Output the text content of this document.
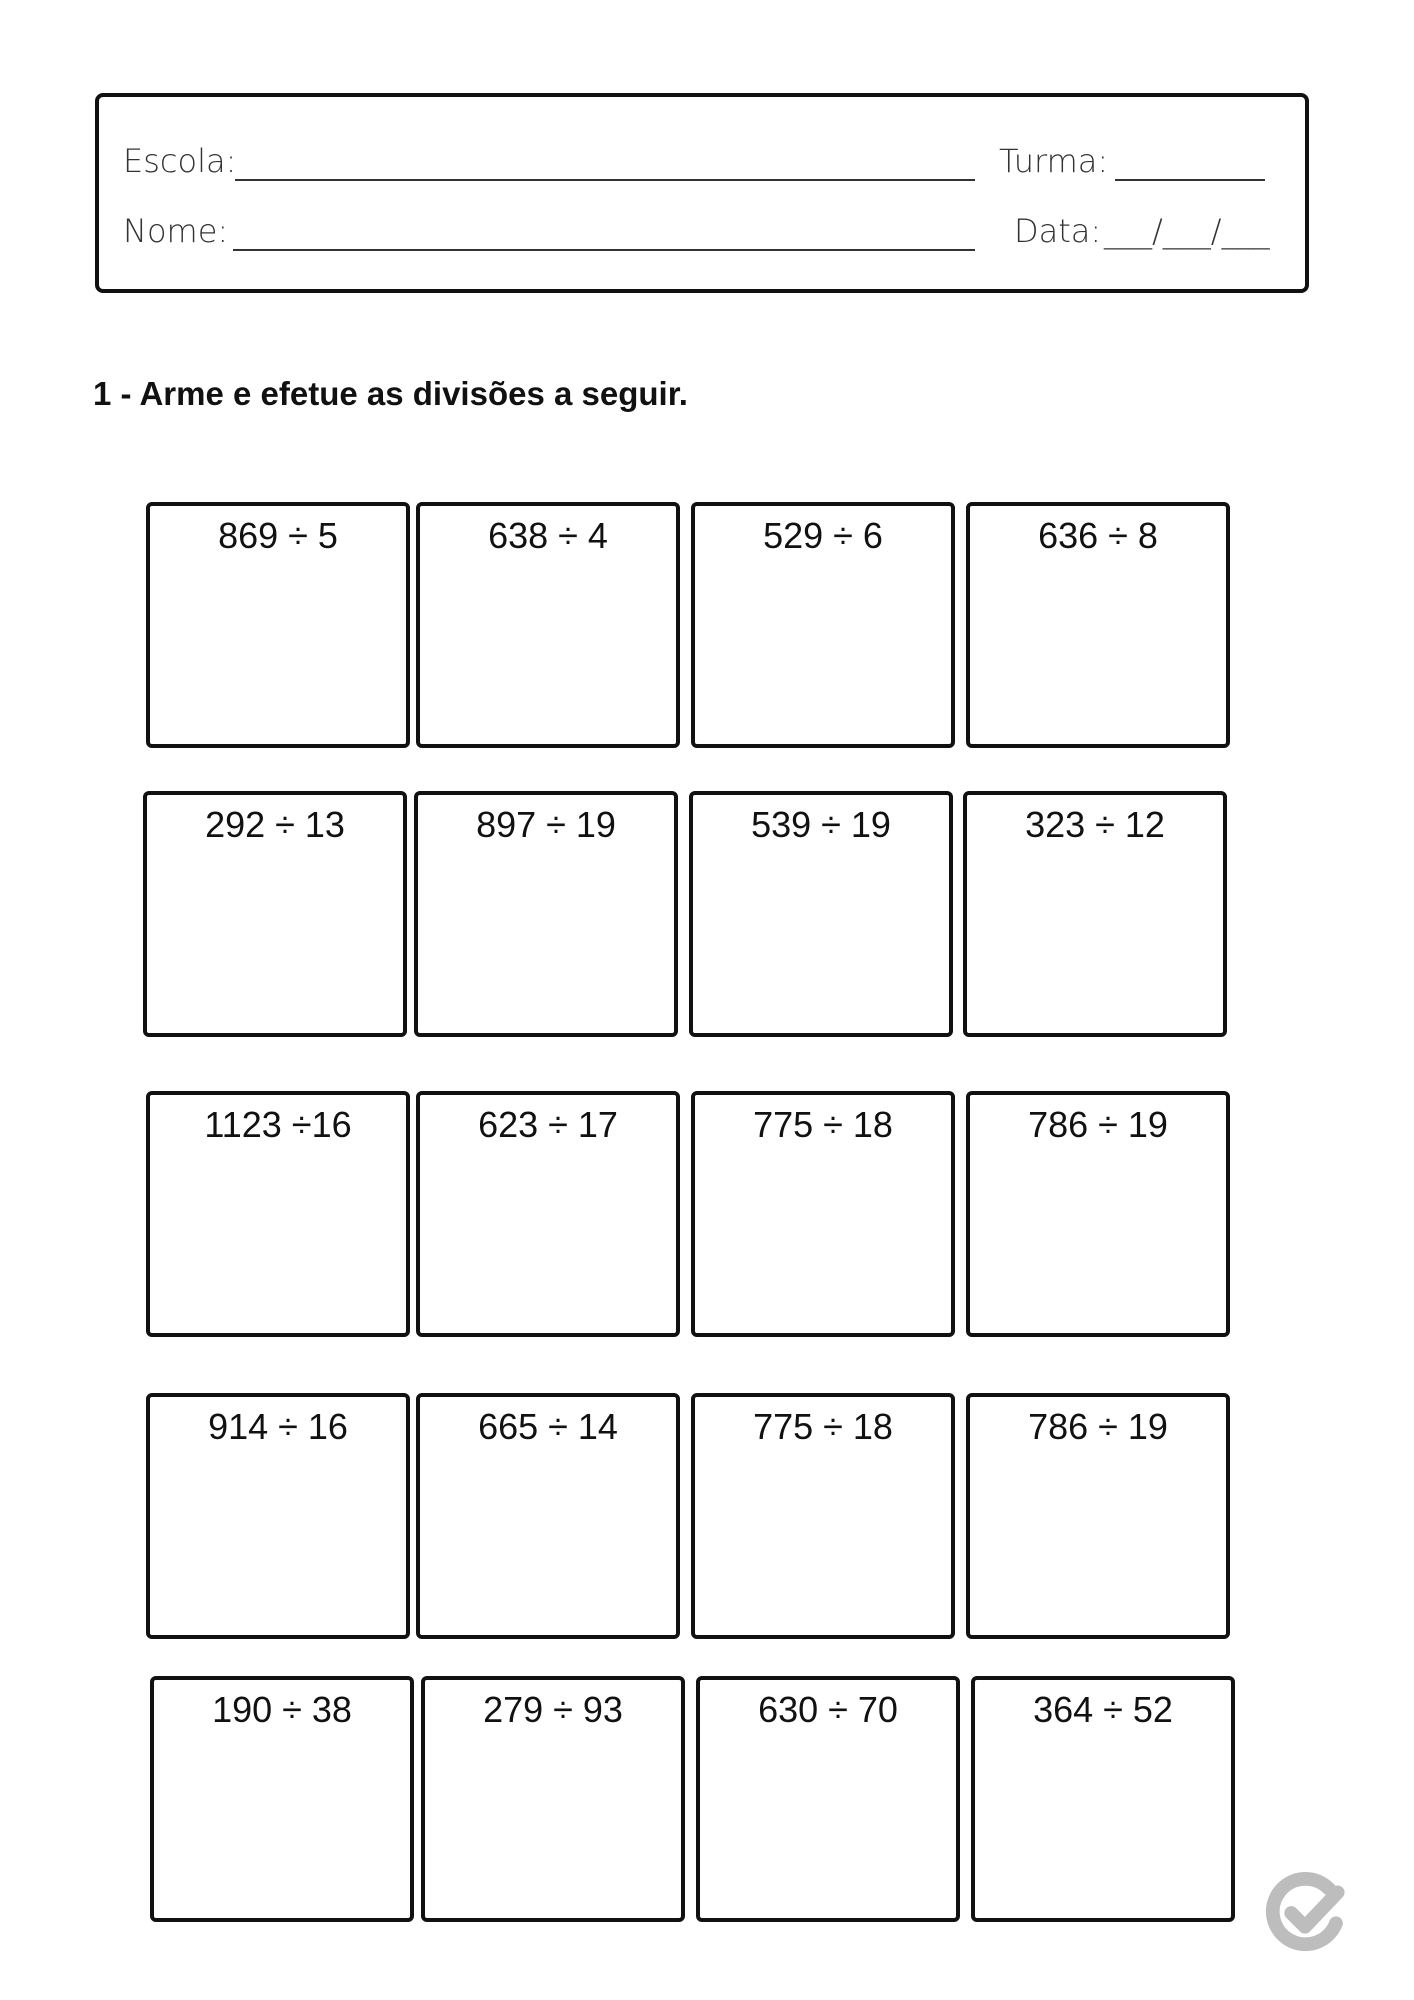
Escola:	Turma:
Nome:	Data: ___/___/___
1 - Arme e efetue as divisões a seguir.
869 ÷ 5	638 ÷ 4	529 ÷ 6	636 ÷ 8
292 ÷ 13	897 ÷ 19	539 ÷ 19	323 ÷ 12
1123 ÷16	623 ÷ 17	775 ÷ 18	786 ÷ 19
914 ÷ 16	665 ÷ 14	775 ÷ 18	786 ÷ 19
190 ÷ 38	279 ÷ 93	630 ÷ 70	364 ÷ 52
